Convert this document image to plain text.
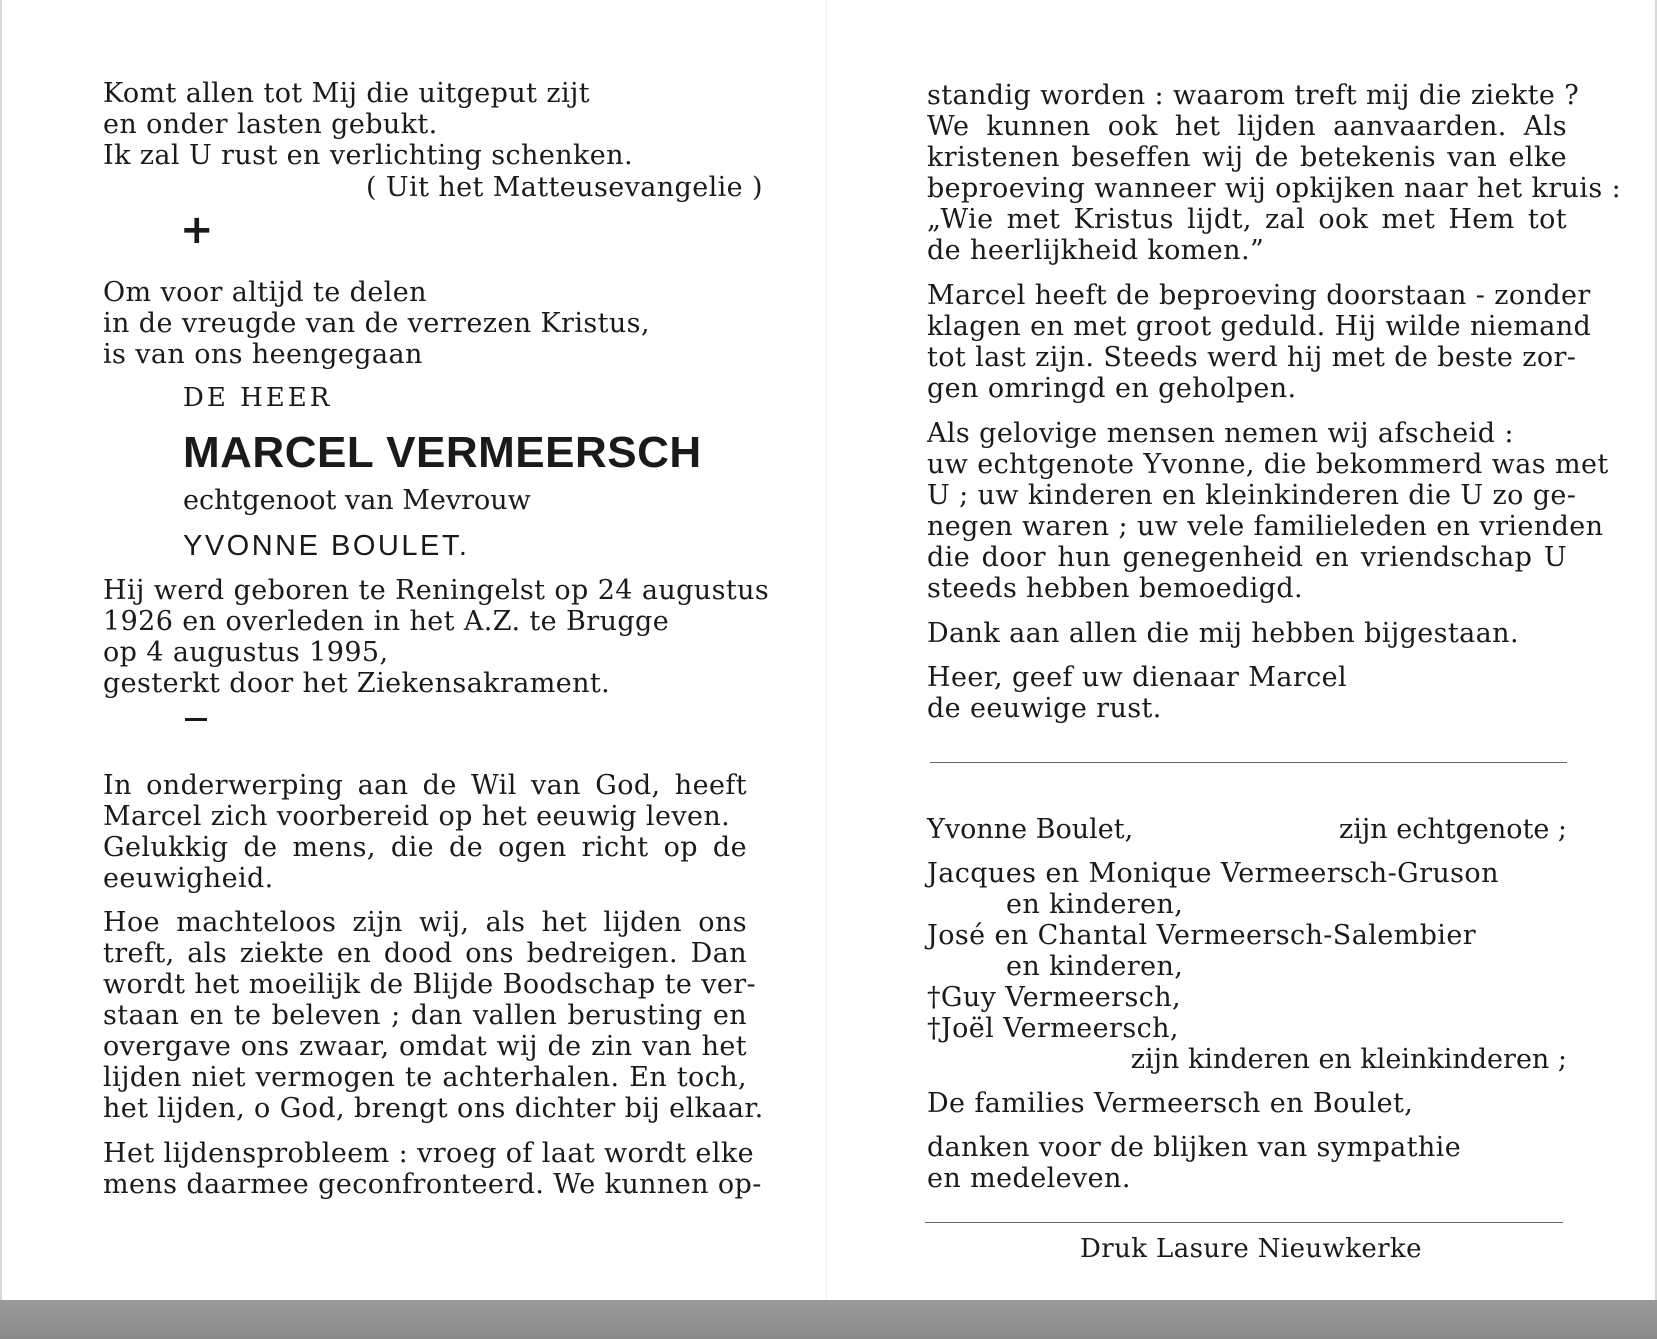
Komt allen tot Mij die uitgeput zijt
en onder lasten gebukt.
Ik zal U rust en verlichting schenken.
( Uit het Matteusevangelie )
+
Om voor altijd te delen
in de vreugde van de verrezen Kristus,
is van ons heengegaan
DE HEER
MARCEL VERMEERSCH
echtgenoot van Mevrouw
YVONNE BOULET.
Hij werd geboren te Reningelst op 24 augustus
1926 en overleden in het A.Z. te Brugge
op 4 augustus 1995,
gesterkt door het Ziekensakrament.
In onderwerping aan de Wil van God, heeft
Marcel zich voorbereid op het eeuwig leven.
Gelukkig de mens, die de ogen richt op de
eeuwigheid.
Hoe machteloos zijn wij, als het lijden ons
treft, als ziekte en dood ons bedreigen. Dan
wordt het moeilijk de Blijde Boodschap te ver-
staan en te beleven ; dan vallen berusting en
overgave ons zwaar, omdat wij de zin van het
lijden niet vermogen te achterhalen. En toch,
het lijden, o God, brengt ons dichter bij elkaar.
Het lijdensprobleem : vroeg of laat wordt elke
mens daarmee geconfronteerd. We kunnen op-
standig worden : waarom treft mij die ziekte ?
We kunnen ook het lijden aanvaarden. Als
kristenen beseffen wij de betekenis van elke
beproeving wanneer wij opkijken naar het kruis :
„Wie met Kristus lijdt, zal ook met Hem tot
de heerlijkheid komen.”
Marcel heeft de beproeving doorstaan - zonder
klagen en met groot geduld. Hij wilde niemand
tot last zijn. Steeds werd hij met de beste zor-
gen omringd en geholpen.
Als gelovige mensen nemen wij afscheid :
uw echtgenote Yvonne, die bekommerd was met
U ; uw kinderen en kleinkinderen die U zo ge-
negen waren ; uw vele familieleden en vrienden
die door hun genegenheid en vriendschap U
steeds hebben bemoedigd.
Dank aan allen die mij hebben bijgestaan.
Heer, geef uw dienaar Marcel
de eeuwige rust.
Yvonne Boulet,	zijn echtgenote ;
Jacques en Monique Vermeersch-Gruson
en kinderen,
José en Chantal Vermeersch-Salembier
en kinderen,
†Guy Vermeersch,
†Joël Vermeersch,
zijn kinderen en kleinkinderen ;
De families Vermeersch en Boulet,
danken voor de blijken van sympathie
en medeleven.
Druk Lasure Nieuwkerke
